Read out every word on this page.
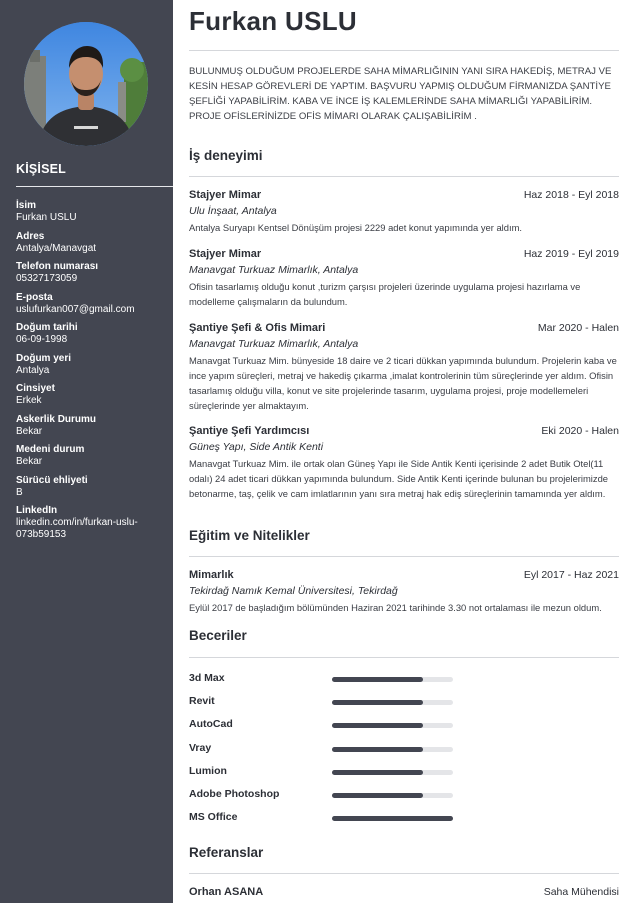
KİŞİSEL
İsim
Furkan USLU
Adres
Antalya/Manavgat
Telefon numarası
05327173059
E-posta
uslufurkan007@gmail.com
Doğum tarihi
06-09-1998
Doğum yeri
Antalya
Cinsiyet
Erkek
Askerlik Durumu
Bekar
Medeni durum
Bekar
Sürücü ehliyeti
B
LinkedIn
linkedin.com/in/furkan-uslu-073b59153
Furkan USLU
BULUNMUŞ OLDUĞUM PROJELERDE SAHA MİMARLIĞININ YANI SIRA HAKEDİŞ, METRAJ VE KESİN HESAP GÖREVLERİ DE YAPTIM. BAŞVURU YAPMIŞ OLDUĞUM FİRMANIZDA ŞANTİYE ŞEFLİĞİ YAPABİLİRİM. KABA VE İNCE İŞ KALEMLERİNDE SAHA MİMARLIĞI YAPABİLİRİM. PROJE OFİSLERİNİZDE OFİS MİMARI OLARAK ÇALIŞABİLİRİM .
İş deneyimi
Stajyer Mimar	Haz 2018 - Eyl 2018
Ulu İnşaat, Antalya
Antalya Suryapı Kentsel Dönüşüm projesi 2229 adet konut yapımında yer aldım.
Stajyer Mimar	Haz 2019 - Eyl 2019
Manavgat Turkuaz Mimarlık, Antalya
Ofisin tasarlamış olduğu konut ,turizm çarşısı projeleri üzerinde uygulama projesi hazırlama ve modelleme çalışmaların da bulundum.
Şantiye Şefi & Ofis Mimari	Mar 2020 - Halen
Manavgat Turkuaz Mimarlık, Antalya
Manavgat Turkuaz Mim. bünyeside 18 daire ve 2 ticari dükkan yapımında bulundum. Projelerin kaba ve ince yapım süreçleri, metraj ve hakediş çıkarma ,imalat kontrolerinin tüm süreçlerinde yer aldım. Ofisin tasarlamış olduğu villa, konut ve site projelerinde tasarım, uygulama projesi, proje modellemeleri süreçlerinde yer almaktayım.
Şantiye Şefi Yardımcısı	Eki 2020 - Halen
Güneş Yapı, Side Antik Kenti
Manavgat Turkuaz Mim. ile ortak olan Güneş Yapı ile Side Antik Kenti içerisinde 2 adet Butik Otel(11 odalı) 24 adet ticari dükkan yapımında bulundum. Side Antik Kenti içerinde bulunan bu projelerimizde betonarme, taş, çelik ve cam imlatlarının yanı sıra metraj hak ediş süreçlerinin tamamında yer aldım.
Eğitim ve Nitelikler
Mimarlık	Eyl 2017 - Haz 2021
Tekirdağ Namık Kemal Üniversitesi, Tekirdağ
Eylül 2017 de başladığım bölümünden Haziran 2021 tarihinde 3.30 not ortalaması ile mezun oldum.
Beceriler
3d Max
Revit
AutoCad
Vray
Lumion
Adobe Photoshop
MS Office
Referanslar
Orhan ASANA	Saha Mühendisi
